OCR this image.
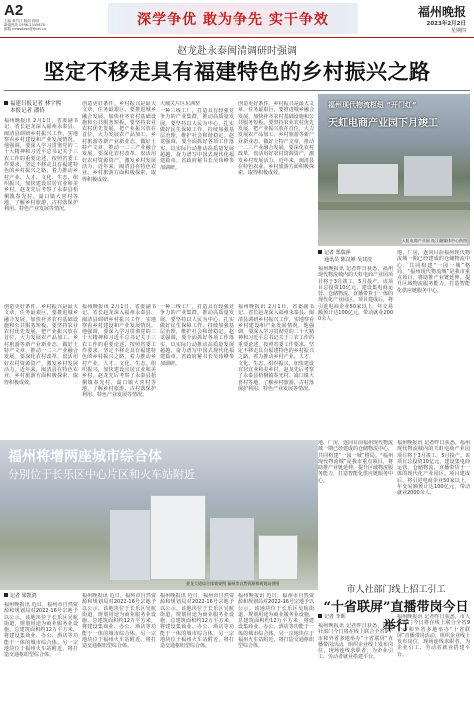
A2
主编 黄竹江 版面 蒋明
新闻热线 0596-2345678
邮箱 newsdesk@fjnet.cn
深学争优 敢为争先 实干争效	福州晚报
2023年2月2日
星期四
赵龙赴永泰闽清调研时强调
坚定不移走具有福建特色的乡村振兴之路
福建日报记者 林宇熙
本报记者 潘侨
福州晚报讯 2月1日，省委副书记、省长赵龙深入福州永泰县、闽清县调研乡村振兴工作，实地察看乡村建设和产业发展情况。他强调，要深入学习贯彻党的二十大精神和习近平总书记关于三农工作的重要论述，按照省委工作要求，坚定不移走具有福建特色的乡村振兴之路，着力推动乡村产业、人才、文化、生态、组织振兴，加快建设宜居宜业和美乡村。赵龙先后考察了永泰县梧桐镇春光村、嵩口镇大喜村等地，了解乡村旅游、古村落保护利用、特色产业发展等情况。
创造更好条件。乡村振兴是最大文章，任务最艰巨，要推进城乡融合发展，加快补齐农村基础设施和公共服务短板。要坚持农业农村优先发展，把产业振兴放在首位，大力发展农产品加工、乡村旅游等新产业新业态，做好土特产文章，推动一二三产业融合发展。要深化农村改革，盘活用好农村资源资产，激发乡村发展活力。近年来，闽清县在特色农业、乡村旅游方面积极探索，取得积极成效。
大城关片区东洲窑
一种三线工厂，打造具有较强竞争力的产业集群，推动高质量发展。要坚持以人民为中心，扎实做好民生保障工作，持续加强基层治理，维护社会和谐稳定。赵龙强调，要全面抓好各项工作落实，以实际行动推动高质量发展超越，奋力谱写中国式现代化福建篇章。省政府秘书长吴伟峰参加调研。
创造更好条件。乡村振兴是最大文章，任务最艰巨，要推进城乡融合发展，加快补齐农村基础设施和公共服务短板。要坚持农业农村优先发展，把产业振兴放在首位，大力发展农产品加工、乡村旅游等新产业新业态，做好土特产文章，推动一二三产业融合发展。要深化农村改革，盘活用好农村资源资产，激发乡村发展活力。近年来，闽清县在特色农业、乡村旅游方面积极探索，取得积极成效。
福州现代物流枢纽 “开门红”
天虹电商产业园下月竣工
天虹电商产业园 连江融媒体中心供图
记者 郑瑞萍
通讯员 陈汉婵 吴其沈
福州晚报讯 记者昨日获悉，福州现代物流城内的天虹电商产业园项目将于3月竣工，5月投产。该项目总投资10亿元，建设集电商运营、仓储物流、直播带货于一体的现代化产业园区。项目建成后，将引进电商企业50家以上，年交易额预计达100亿元，带动就业2000余人。
地、厂房，连同目前福州现代物流城一期已经建成的仓储物流中心，共同构建“一园一城”格局。“福州现代物流城”是我市重点项目，将助推产业链延伸，提升区域物流服务能力，打造智能化供应链服务中心。
创造更好条件。乡村振兴是最大文章，任务最艰巨，要推进城乡融合发展，加快补齐农村基础设施和公共服务短板。要坚持农业农村优先发展，把产业振兴放在首位，大力发展农产品加工、乡村旅游等新产业新业态，做好土特产文章，推动一二三产业融合发展。要深化农村改革，盘活用好农村资源资产，激发乡村发展活力。近年来，闽清县在特色农业、乡村旅游方面积极探索，取得积极成效。
福州晚报讯 2月1日，省委副书记、省长赵龙深入福州永泰县、闽清县调研乡村振兴工作，实地察看乡村建设和产业发展情况。他强调，要深入学习贯彻党的二十大精神和习近平总书记关于三农工作的重要论述，按照省委工作要求，坚定不移走具有福建特色的乡村振兴之路，着力推动乡村产业、人才、文化、生态、组织振兴，加快建设宜居宜业和美乡村。赵龙先后考察了永泰县梧桐镇春光村、嵩口镇大喜村等地，了解乡村旅游、古村落保护利用、特色产业发展等情况。
一种三线工厂，打造具有较强竞争力的产业集群，推动高质量发展。要坚持以人民为中心，扎实做好民生保障工作，持续加强基层治理，维护社会和谐稳定。赵龙强调，要全面抓好各项工作落实，以实际行动推动高质量发展超越，奋力谱写中国式现代化福建篇章。省政府秘书长吴伟峰参加调研。
福州晚报讯 2月1日，省委副书记、省长赵龙深入福州永泰县、闽清县调研乡村振兴工作，实地察看乡村建设和产业发展情况。他强调，要深入学习贯彻党的二十大精神和习近平总书记关于三农工作的重要论述，按照省委工作要求，坚定不移走具有福建特色的乡村振兴之路，着力推动乡村产业、人才、文化、生态、组织振兴，加快建设宜居宜业和美乡村。赵龙先后考察了永泰县梧桐镇春光村、嵩口镇大喜村等地，了解乡村旅游、古村落保护利用、特色产业发展等情况。
福州将增两座城市综合体
分别位于长乐区中心片区和火车站附近
金龙大道综合体效果图 福州市自然资源和规划局供图
记者 梁凯鸿
福州晚报讯 近日，福州市自然资源和规划局对2022-16号宗地予以公示。该地块位于长乐区吴航街道，规划用途为商业服务业设施，总建筑面积约12万平方米，将建设集商业、办公、酒店等功能于一体的城市综合体。另一宗地块位于福州火车站附近，将打造交通枢纽型综合体。
福州晚报讯 近日，福州市自然资源和规划局对2022-16号宗地予以公示。该地块位于长乐区吴航街道，规划用途为商业服务业设施，总建筑面积约12万平方米，将建设集商业、办公、酒店等功能于一体的城市综合体。另一宗地块位于福州火车站附近，将打造交通枢纽型综合体。
福州晚报讯 近日，福州市自然资源和规划局对2022-16号宗地予以公示。该地块位于长乐区吴航街道，规划用途为商业服务业设施，总建筑面积约12万平方米，将建设集商业、办公、酒店等功能于一体的城市综合体。另一宗地块位于福州火车站附近，将打造交通枢纽型综合体。
福州晚报讯 近日，福州市自然资源和规划局对2022-16号宗地予以公示。该地块位于长乐区吴航街道，规划用途为商业服务业设施，总建筑面积约12万平方米，将建设集商业、办公、酒店等功能于一体的城市综合体。另一宗地块位于福州火车站附近，将打造交通枢纽型综合体。
地、厂房，连同目前福州现代物流城一期已经建成的仓储物流中心，共同构建“一园一城”格局。“福州现代物流城”是我市重点项目，将助推产业链延伸，提升区域物流服务能力，打造智能化供应链服务中心。
福州晚报讯 记者昨日获悉，福州现代物流城内的天虹电商产业园项目将于3月竣工，5月投产。该项目总投资10亿元，建设集电商运营、仓储物流、直播带货于一体的现代化产业园区。项目建成后，将引进电商企业50家以上，年交易额预计达100亿元，带动就业2000余人。
市人社部门线上招工引工
“十省联屏”直播带岗今日举行
记者 李晖
福州晚报讯 记者昨日获悉，市人社部门今日将在线上联合全省9个市和外省多地举办“十省联屏”直播带岗活动，组织企业线上发布岗位，现场连线求职者，为企业引工、劳动者就业搭建平台。
福州晚报讯 记者昨日获悉，市人社部门今日将在线上联合全省9个市和外省多地举办“十省联屏”直播带岗活动，组织企业线上发布岗位，现场连线求职者，为企业引工、劳动者就业搭建平台。
